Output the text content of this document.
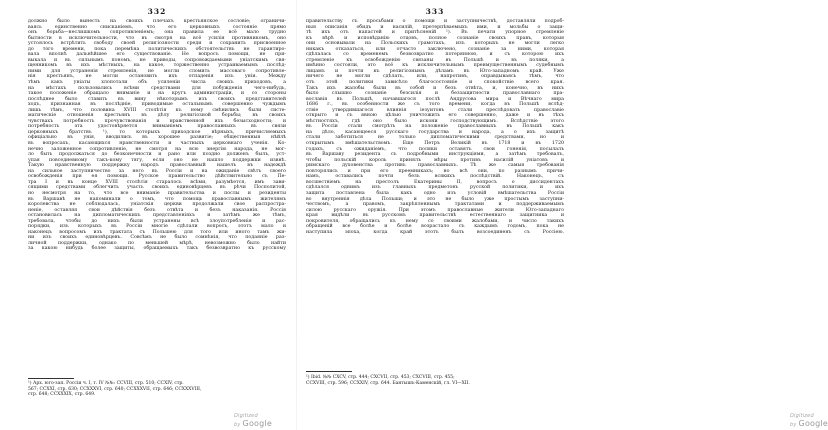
332
должно было вынесть на своихъ плечахъ крестьянское сословіе; ограничи-
ваясь единственно снисканіемъ, что его церковныхъ состояніе прямо
онъ борьба—неслишкомъ сопротивленіемъ; она правила ее всё мало трудно
бытности в исключительности, что въ смотря на всё усилія противникомъ, оно
устоялось встрѣтить свободу своей религіозности среди и сохранить присвоенное
до того времени, пока перемѣна политическихъ обстоятельствъ не гарантиро-
вала вполнѣ дальнѣйшее его существованіе. Не вопросъ помощи, не при-
выкала и въ сильнымъ пономъ, не приводы, сопровождаемыми уніатскимъ свя-
щенникомъ въ ихъ мѣстныхъ, на какое, торжественно устраиваемымъ послѣд-
ними для устраненія стремленія, не могли сломить массоваго сопротивле-
нія крестьянъ, не могли остановить ихъ отпаденія изъ уніи. Между
тѣмъ какъ уніаты хлопотали объ усиленіи числа своихъ приходовъ, а
на мѣстахъ пользовались всѣми средствами для побужденія чего-нибудь,
такое положеніе обращало вниманіе и на кругъ администраціи, и со стороны
послѣднее было ставить въ вину нѣкоторымъ изъ своихъ представителей
ходъ, признанная въ послѣдніе, приводимые остальнымъ совершенно чуждымъ
лишь тѣмъ, что половина XVIII столѣтія къ нему смѣнились были систе-
матическіе отношенія крестьянъ въ дѣлу религіозной борьбы; въ своихъ
чувствахъ потребность прочувствованія и нравственной ихъ безысходности; и
потребность эта удостовѣряется вниманіемъ православныхъ въ связи
церковныхъ братствъ ¹), то которыхъ приходское вѣрныхъ, причисляемыхъ
офиціально въ унія, вводились въ хорошее развитіе; общественныя нѣйлѣ
въ вопросахъ, касающихся нравственности и частныхъ церковнаго ученія. Ко-
нечно заложенное сопротивленіе, не смотря на всю энергію народа, не мог-
ло быть продолжаться до безконечности и рано или поздно долженъ былъ, уст-
упая повседневному такъ-кому тягу, если оно не нашло поддержки извнѣ.
Такую нравственную поддержку народъ православный нашелъ въ надеждѣ
на сильное заступничество за него въ Россіи и на ожиданіе свѣтъ своего
освобожденія при ея помощи. Русское правительство дѣйствительно съ Пе-
тра I и въ конце XVIII столѣтія старалось всѣми, разумѣется, имъ зави-
сящими средствами облегчить участь своихъ единовѣрцевъ въ рѣчи Посполитой,
но несмотря на то, что все вниманіе правительства и послы и резиденты
въ Варшавѣ не напоминали о томъ, что помощь православнымъ жителямъ
королевства не соблюдалась, уніатскія церкви продолжали свое распростра-
неніе, оставляя свои дѣйствія безъ отвѣта и безъ наказанія. Россія
остановилась на дипломатическихъ представленіяхъ и затѣмъ же тѣмъ,
требовала, чтобы до нихъ были устранены всѣ злоупотребленія и рас-
порядки, изъ которыхъ въ Россіи многіе сдѣлали вопросъ, этотъ мало и
наконецъ вопросомъ изъ трактата съ Польшею для того или иного тамъ жи-
ни изъ своихъ единовѣрцевъ. Совсѣмъ не было сомнѣнія, что подаяніе раз-
личной поддержки, однако по меньшей мѣрѣ, невозможно было найти
за какою нибудь более защиты, обращаемыхъ такъ безвозвратно къ русскому
¹) Арх. юго-зап. Россіи ч. I, т. IV №№: CCVIII, стр. 510; CCXIV, стр.
567; CCXXI, стр. 630; CCXXXVI, стр. 640; CCXXXVII, стр. 646; CCXXXVIII,
стр. 648; CCXXXIX, стр. 649.
Digitized by Google
333
правительству съ просьбами о помощи и заступничествѣ, доставляли подроб-
ныя описанія обидъ и насилій, претерпѣваемыхъ ими, и мольбы о защи-
тѣ ихъ отъ напастей и притѣсненій ¹). Въ печати упорное стремленіе
къ вѣрѣ и исповѣданію отцовъ, полное сознаніе своихъ правъ, которыя
они основывали на Польскихъ грамотахъ, изъ которыхъ не могли легко
никакъ отказаться, или отчасто заключено, сознаніе за ними, которая
сдѣлалась со временемъ безвозвратно потерянною, и съ которою ихъ
стремленіе къ освобожденію связаны въ Польшѣ и въ поляки, а
имѣнно состояли, это всё къ исключительнымъ преимущественнымъ судебнымъ
лицамъ и почти къ религіознымъ дѣламъ въ Юго-западномъ край. Уже
ничего не могли сдѣлать, или, напротивъ, оправдываясь тѣмъ, что
отъ этой политики зависѣло благосостояніе и спокойствіе всего края.
Такъ ихъ жалобы были въ собой и безъ отвѣта, и, конечно, въ нихъ
было слышно сознаніе безсилія и беззащитности православнаго пра-
вославія въ Польшѣ, начавшагося послѣ Андрусова мира и Вѣчнаго мира
1686 г., въ особенности же съ того времени, когда въ Польшѣ вслѣд-
ствіе утвердившагося влиянія іезуитовъ стали преслѣдовать православіе
открыто и съ явною цѣлью уничтожить его совершенно, даже и въ тѣхъ
мѣстностяхъ, гдѣ оно было искони господствующимъ. Вслѣдствіе этого
въ Россіи стали смотрѣть на положеніе православныхъ въ Польшѣ какъ
на дѣло, касающееся русскаго государства и народа, а о ихъ защитѣ
стали заботиться не только дипломатическими средствами, но и
открытымъ вмѣшательствомъ. Еще Петръ Великій въ 1718 и въ 1720
годахъ, съ ожиданіемъ, что поляки оставятъ свои гоненія, посылалъ
въ Варшаву резидента съ подробными инструкціями, а затѣмъ требовалъ,
чтобы польскій король принялъ мѣры противъ насилій уніатовъ и
римскаго духовенства противъ православныхъ. Тѣ же самыя требованія
повторялись и при его преемникахъ; но всѣ они, по разнымъ причи-
намъ, оставались почти безъ всякихъ послѣдствій. Наконецъ, съ
восшествіемъ на престолъ Екатерины II, вопросъ о диссидентахъ
сдѣлался однимъ изъ главныхъ предметовъ русской политики, и ихъ
защита поставлена была какъ одно изъ условій вмѣшательства Россіи
во внутреннія дѣла Польши; и это не было уже простымъ заступни-
чествомъ, а правомъ, закрѣпленнымъ трактатами и поддерживаемымъ
силою русскаго оружія. При этомъ православные жители Юго-западнаго
края видѣли въ русскомъ правительствѣ естественнаго защитника и
покровителя, обращались къ нему со своими жалобами, и число такихъ
обращеній все болѣе и болѣе возрастало съ каждымъ годомъ, пока не
наступила эпоха, когда край этотъ былъ возсоединенъ съ Россіею.
¹) Ibid. №№ CXCV, стр. 444; CXCVII, стр. 453; CXCVIII, стр. 455;
CCXVIII, стр. 596; CCXXIV, стр. 644. Бантышъ-Каменскій, гл. VI—XII.
Digitized by Google
